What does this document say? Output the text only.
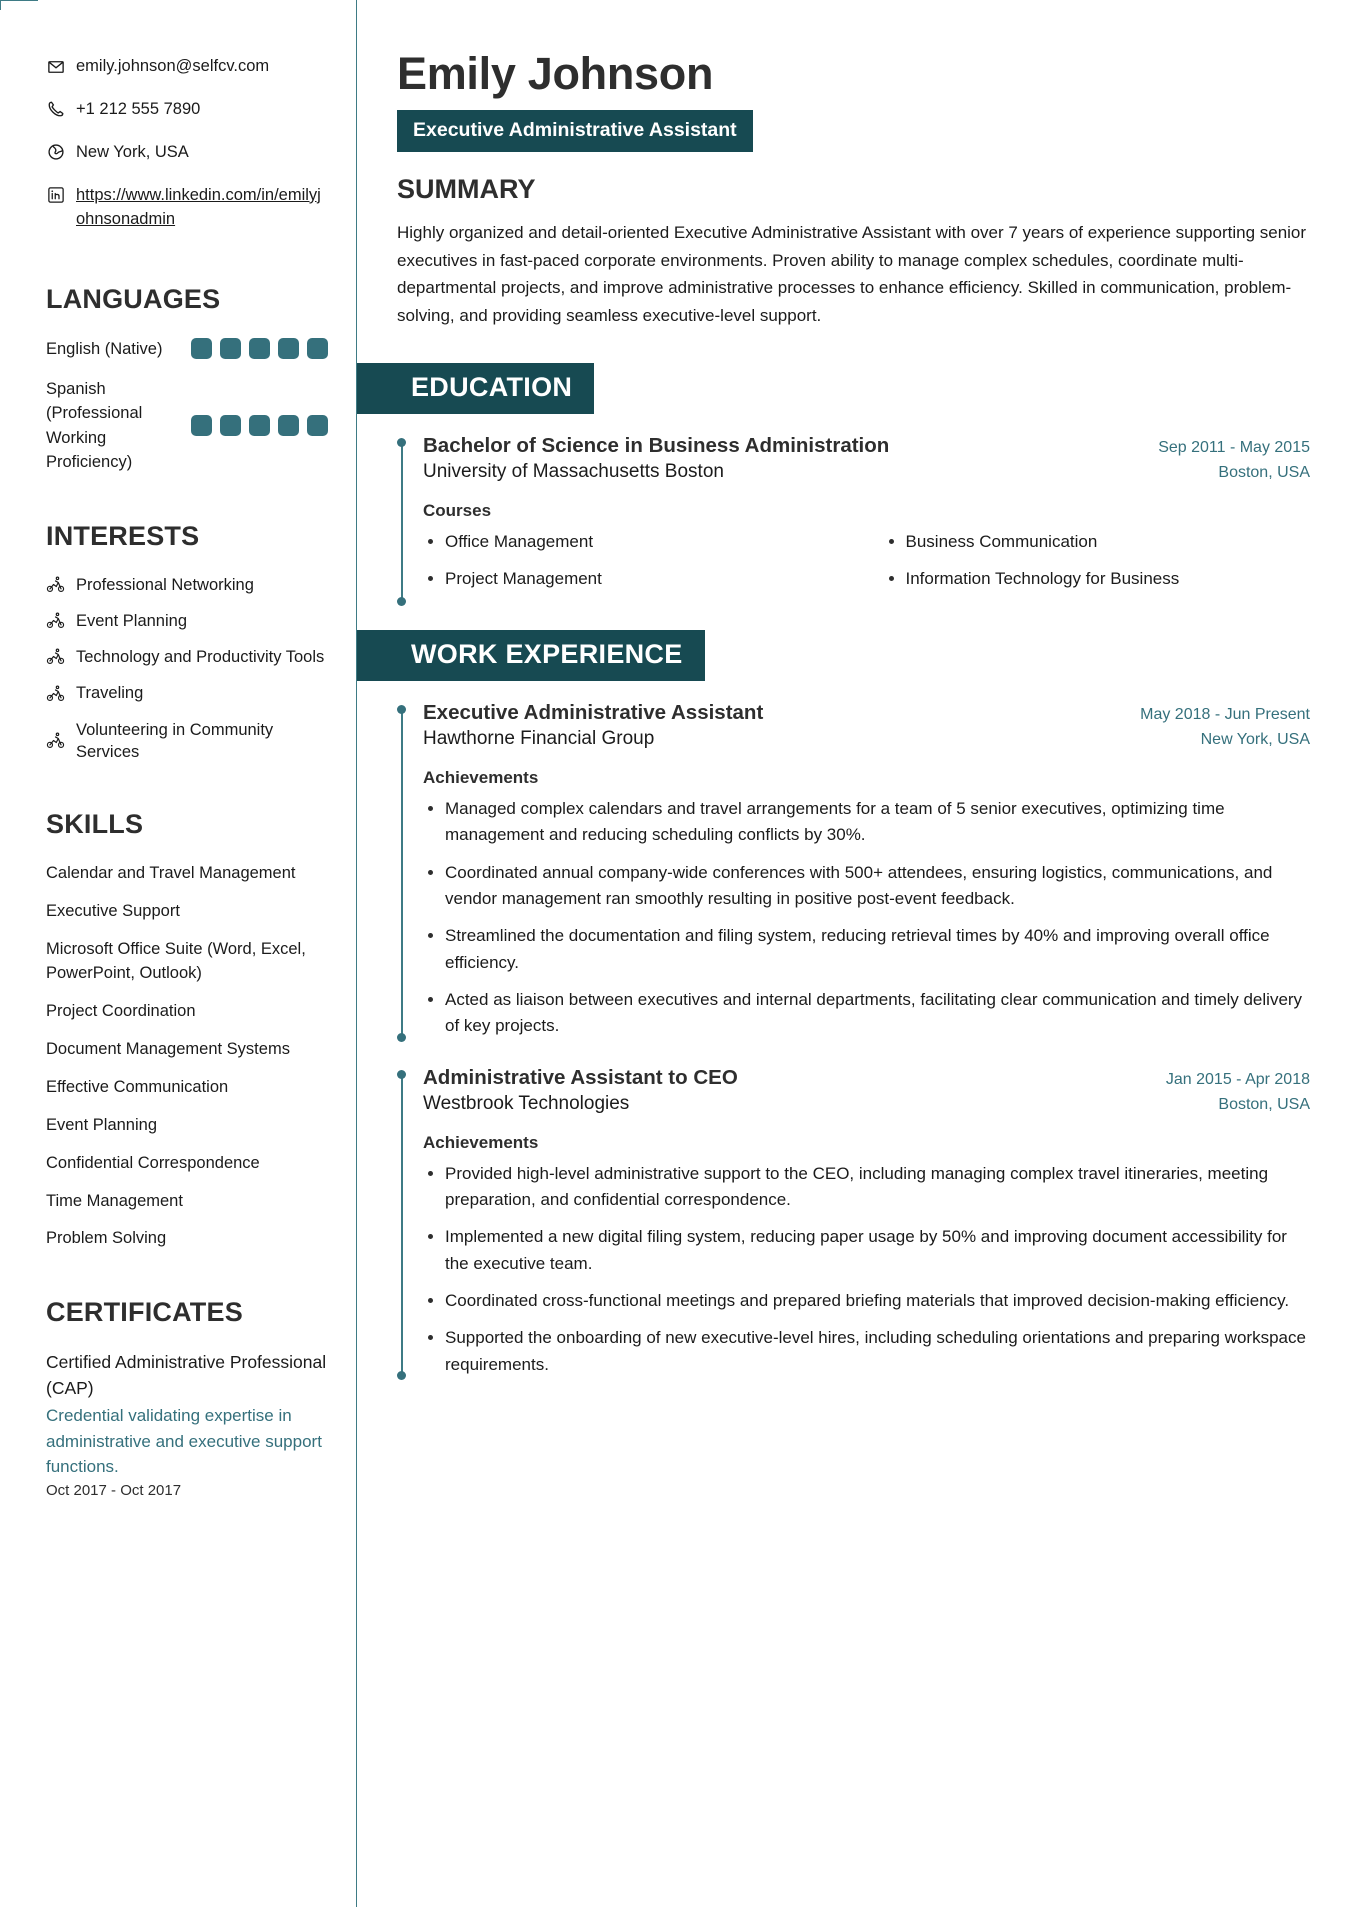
emily.johnson@selfcv.com
+1 212 555 7890
New York, USA
https://www.linkedin.com/in/emilyjohnsonadmin
LANGUAGES
English (Native)
Spanish (Professional Working Proficiency)
INTERESTS
Professional Networking
Event Planning
Technology and Productivity Tools
Traveling
Volunteering in Community Services
SKILLS
Calendar and Travel Management
Executive Support
Microsoft Office Suite (Word, Excel, PowerPoint, Outlook)
Project Coordination
Document Management Systems
Effective Communication
Event Planning
Confidential Correspondence
Time Management
Problem Solving
CERTIFICATES
Certified Administrative Professional (CAP)
Credential validating expertise in administrative and executive support functions.
Oct 2017 - Oct 2017
Emily Johnson
Executive Administrative Assistant
SUMMARY

Highly organized and detail-oriented Executive Administrative Assistant with over 7 years of experience supporting senior executives in fast-paced corporate environments. Proven ability to manage complex schedules, coordinate multi-departmental projects, and improve administrative processes to enhance efficiency. Skilled in communication, problem-solving, and providing seamless executive-level support.

EDUCATION
Bachelor of Science in Business Administration	Sep 2011 - May 2015
University of Massachusetts Boston	Boston, USA
Courses
Office Management	Business Communication
Project Management	Information Technology for Business
WORK EXPERIENCE
Executive Administrative Assistant	May 2018 - Jun Present
Hawthorne Financial Group	New York, USA
Achievements
Managed complex calendars and travel arrangements for a team of 5 senior executives, optimizing time management and reducing scheduling conflicts by 30%.
Coordinated annual company-wide conferences with 500+ attendees, ensuring logistics, communications, and vendor management ran smoothly resulting in positive post-event feedback.
Streamlined the documentation and filing system, reducing retrieval times by 40% and improving overall office efficiency.
Acted as liaison between executives and internal departments, facilitating clear communication and timely delivery of key projects.
Administrative Assistant to CEO	Jan 2015 - Apr 2018
Westbrook Technologies	Boston, USA
Achievements
Provided high-level administrative support to the CEO, including managing complex travel itineraries, meeting preparation, and confidential correspondence.
Implemented a new digital filing system, reducing paper usage by 50% and improving document accessibility for the executive team.
Coordinated cross-functional meetings and prepared briefing materials that improved decision-making efficiency.
Supported the onboarding of new executive-level hires, including scheduling orientations and preparing workspace requirements.
